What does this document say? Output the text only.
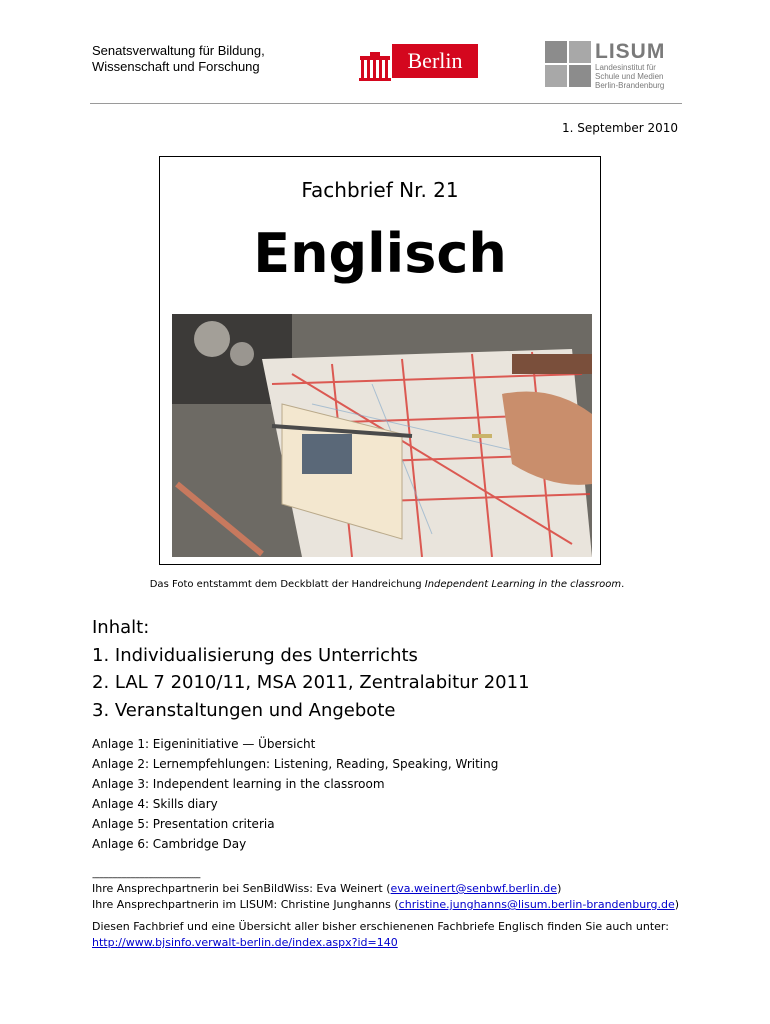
Senatsverwaltung für Bildung,
Wissenschaft und Forschung	Berlin	LISUM
Landesinstitut für
Schule und Medien
Berlin-Brandenburg
1. September 2010
Fachbrief Nr. 21
Englisch
Das Foto entstammt dem Deckblatt der Handreichung Independent Learning in the classroom.
Inhalt:
1. Individualisierung des Unterrichts
2. LAL 7 2010/11, MSA 2011, Zentralabitur 2011
3. Veranstaltungen und Angebote
Anlage 1: Eigeninitiative — Übersicht
Anlage 2: Lernempfehlungen: Listening, Reading, Speaking, Writing
Anlage 3: Independent learning in the classroom
Anlage 4: Skills diary
Anlage 5: Presentation criteria
Anlage 6: Cambridge Day
------------------------------------------------
Ihre Ansprechpartnerin bei SenBildWiss: Eva Weinert (eva.weinert@senbwf.berlin.de)
Ihre Ansprechpartnerin im LISUM: Christine Junghanns (christine.junghanns@lisum.berlin-brandenburg.de)
Diesen Fachbrief und eine Übersicht aller bisher erschienenen Fachbriefe Englisch finden Sie auch unter:
http://www.bjsinfo.verwalt-berlin.de/index.aspx?id=140
